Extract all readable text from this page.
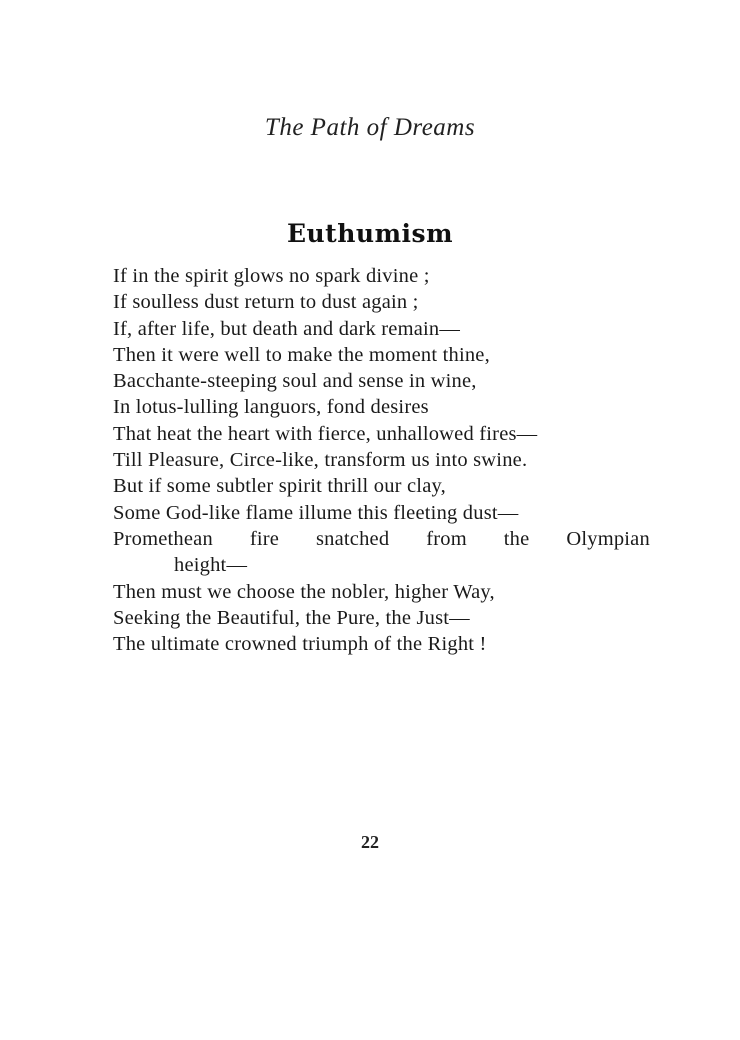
The Path of Dreams
Euthumism
If in the spirit glows no spark divine ;
If soulless dust return to dust again ;
If, after life, but death and dark remain—
Then it were well to make the moment thine,
Bacchante-steeping soul and sense in wine,
In lotus-lulling languors, fond desires
That heat the heart with fierce, unhallowed fires—
Till Pleasure, Circe-like, transform us into swine.
But if some subtler spirit thrill our clay,
Some God-like flame illume this fleeting dust—
Promethean fire snatched from the Olympian
height—
Then must we choose the nobler, higher Way,
Seeking the Beautiful, the Pure, the Just—
The ultimate crowned triumph of the Right !
22
